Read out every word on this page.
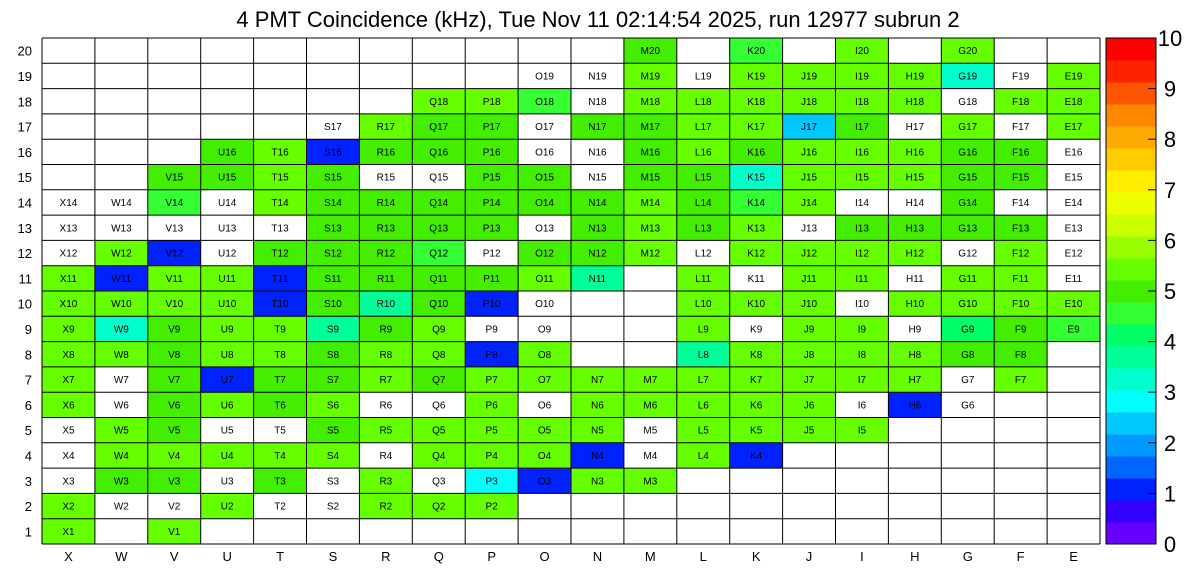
4 PMT Coincidence (kHz), Tue Nov 11 02:14:54 2025, run 12977 subrun 2
M20	K20	I20	G20
O19	N19	M19	L19	K19	J19	I19	H19	G19	F19	E19
Q18	P18	O18	N18	M18	L18	K18	J18	I18	H18	G18	F18	E18
S17	R17	Q17	P17	O17	N17	M17	L17	K17	J17	I17	H17	G17	F17	E17
U16	T16	S16	R16	Q16	P16	O16	N16	M16	L16	K16	J16	I16	H16	G16	F16	E16
V15	U15	T15	S15	R15	Q15	P15	O15	N15	M15	L15	K15	J15	I15	H15	G15	F15	E15
X14	W14	V14	U14	T14	S14	R14	Q14	P14	O14	N14	M14	L14	K14	J14	I14	H14	G14	F14	E14
X13	W13	V13	U13	T13	S13	R13	Q13	P13	O13	N13	M13	L13	K13	J13	I13	H13	G13	F13	E13
X12	W12	V12	U12	T12	S12	R12	Q12	P12	O12	N12	M12	L12	K12	J12	I12	H12	G12	F12	E12
X11	W11	V11	U11	T11	S11	R11	Q11	P11	O11	N11	L11	K11	J11	I11	H11	G11	F11	E11
X10	W10	V10	U10	T10	S10	R10	Q10	P10	O10	L10	K10	J10	I10	H10	G10	F10	E10
X9	W9	V9	U9	T9	S9	R9	Q9	P9	O9	L9	K9	J9	I9	H9	G9	F9	E9
X8	W8	V8	U8	T8	S8	R8	Q8	P8	O8	L8	K8	J8	I8	H8	G8	F8
X7	W7	V7	U7	T7	S7	R7	Q7	P7	O7	N7	M7	L7	K7	J7	I7	H7	G7	F7
X6	W6	V6	U6	T6	S6	R6	Q6	P6	O6	N6	M6	L6	K6	J6	I6	H6	G6
X5	W5	V5	U5	T5	S5	R5	Q5	P5	O5	N5	M5	L5	K5	J5	I5
X4	W4	V4	U4	T4	S4	R4	Q4	P4	O4	N4	M4	L4	K4
X3	W3	V3	U3	T3	S3	R3	Q3	P3	O3	N3	M3
X2	W2	V2	U2	T2	S2	R2	Q2	P2
X1	V1
X	W	V	U	T	S	R	Q	P	O	N	M	L	K	J	I	H	G	F	E
20
19
18
17
16
15
14
13
12
11
10
9
8
7
6
5
4
3
2
1
0
1
2
3
4
5
6
7
8
9
10
